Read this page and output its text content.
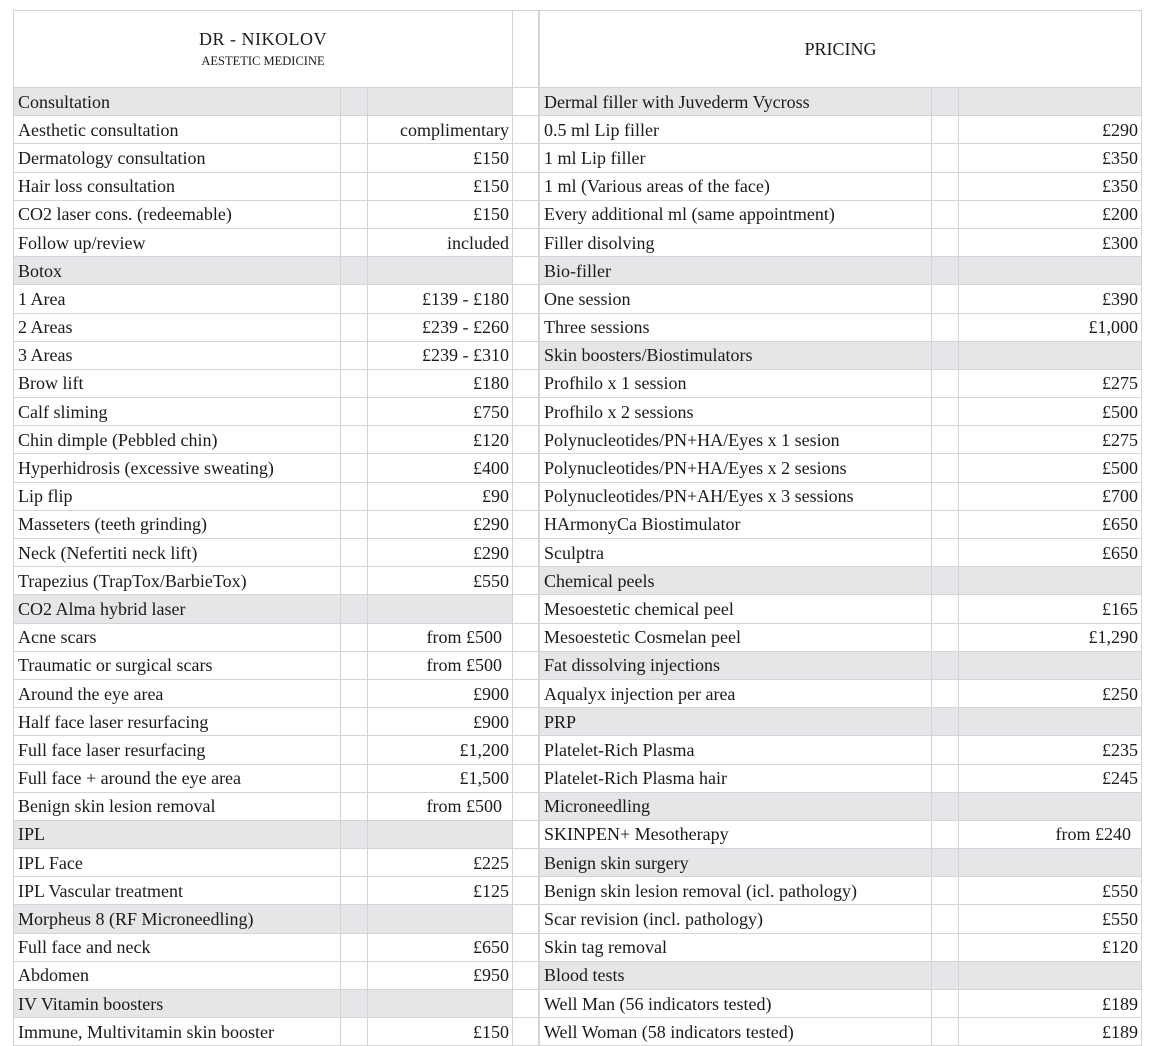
DR - NIKOLOV
AESTETIC MEDICINE		

Consultation		
Aesthetic consultation		complimentary
Dermatology consultation		£150
Hair loss consultation		£150
CO2 laser cons. (redeemable)		£150
Follow up/review		included
Botox		
1 Area		£139 - £180
2 Areas		£239 - £260
3 Areas		£239 - £310
Brow lift		£180
Calf sliming		£750
Chin dimple (Pebbled chin)		£120
Hyperhidrosis (excessive sweating)		£400
Lip flip		£90
Masseters (teeth grinding)		£290
Neck (Nefertiti neck lift)		£290
Trapezius (TrapTox/BarbieTox)		£550
CO2 Alma hybrid laser		
Acne scars		from £500
Traumatic or surgical scars		from £500
Around the eye area		£900
Half face laser resurfacing		£900
Full face laser resurfacing		£1,200
Full face + around the eye area		£1,500
Benign skin lesion removal		from £500
IPL		
IPL Face		£225
IPL Vascular treatment		£125
Morpheus 8 (RF Microneedling)		
Full face and neck		£650
Abdomen		£950
IV Vitamin boosters		
Immune, Multivitamin skin booster		£150

PRICING		
Dermal filler with Juvederm Vycross		
0.5 ml Lip filler		£290
1 ml Lip filler		£350
1 ml (Various areas of the face)		£350
Every additional ml (same appointment)		£200
Filler disolving		£300
Bio-filler		
One session		£390
Three sessions		£1,000
Skin boosters/Biostimulators		
Profhilo x 1 session		£275
Profhilo x 2 sessions		£500
Polynucleotides/PN+HA/Eyes x 1 sesion		£275
Polynucleotides/PN+HA/Eyes x 2 sesions		£500
Polynucleotides/PN+AH/Eyes x 3 sessions		£700
HArmonyCa Biostimulator		£650
Sculptra		£650
Chemical peels		
Mesoestetic chemical peel		£165
Mesoestetic Cosmelan peel		£1,290
Fat dissolving injections		
Aqualyx injection per area		£250
PRP		
Platelet-Rich Plasma		£235
Platelet-Rich Plasma hair		£245
Microneedling		
SKINPEN+ Mesotherapy		from £240
Benign skin surgery		
Benign skin lesion removal (icl. pathology)		£550
Scar revision (incl. pathology)		£550
Skin tag removal		£120
Blood tests		
Well Man (56 indicators tested)		£189
Well Woman (58 indicators tested)		£189
